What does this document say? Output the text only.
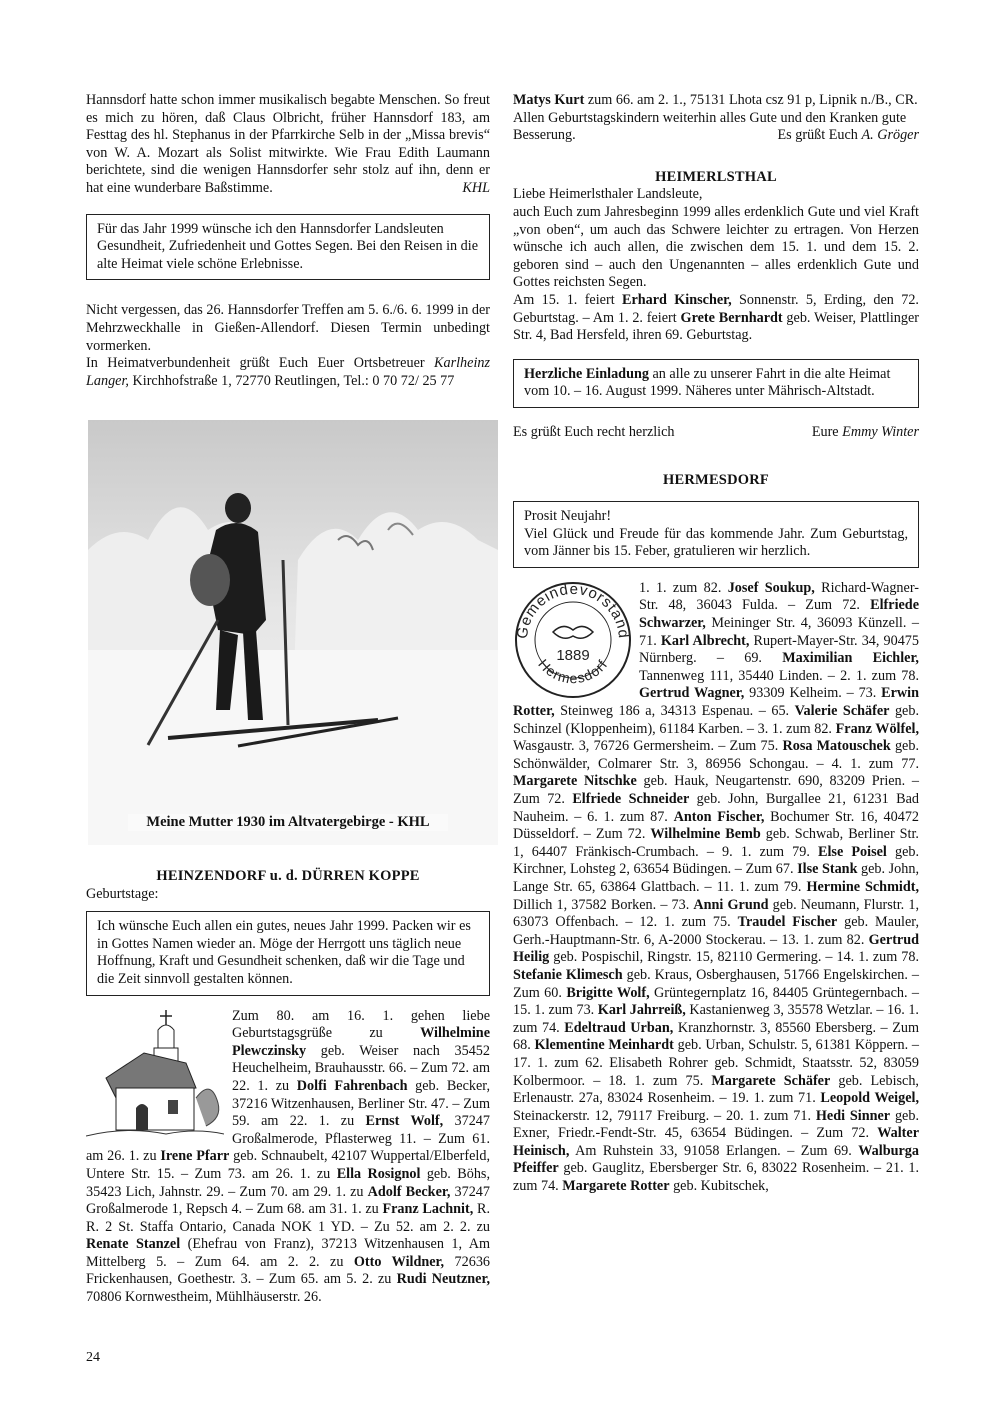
Hannsdorf hatte schon immer musikalisch begabte Menschen. So freut es mich zu hören, daß Claus Olbricht, früher Hannsdorf 183, am Festtag des hl. Stephanus in der Pfarrkirche Selb in der „Missa brevis“ von W. A. Mozart als Solist mitwirkte. Wie Frau Edith Laumann berichtete, sind die wenigen Hannsdorfer sehr stolz auf ihn, denn er hat eine wunderbare Baßstimme.	KHL

Für das Jahr 1999 wünsche ich den Hannsdorfer Landsleuten Gesundheit, Zufriedenheit und Gottes Segen. Bei den Reisen in die alte Heimat viele schöne Erlebnisse.

Nicht vergessen, das 26. Hannsdorfer Treffen am 5. 6./6. 6. 1999 in der Mehrzweckhalle in Gießen-Allendorf. Diesen Termin unbedingt vormerken.

In Heimatverbundenheit grüßt Euch Euer Ortsbetreuer Karlheinz Langer, Kirchhofstraße 1, 72770 Reutlingen, Tel.: 0 70 72/ 25 77

Meine Mutter 1930 im Altvatergebirge - KHL
HEINZENDORF u. d. DÜRREN KOPPE

Geburtstage:

Ich wünsche Euch allen ein gutes, neues Jahr 1999. Packen wir es in Gottes Namen wieder an. Möge der Herrgott uns täglich neue Hoffnung, Kraft und Gesundheit schenken, daß wir die Tage und die Zeit sinnvoll gestalten können.

Zum 80. am 16. 1. gehen liebe Geburtstagsgrüße zu Wilhelmine Plewczinsky geb. Weiser nach 35452 Heuchelheim, Brauhausstr. 66. – Zum 72. am 22. 1. zu Dolfi Fahrenbach geb. Becker, 37216 Witzenhausen, Berliner Str. 47. – Zum 59. am 22. 1. zu Ernst Wolf, 37247 Großalmerode, Pflasterweg 11. – Zum 61. am 26. 1. zu Irene Pfarr geb. Schnaubelt, 42107 Wuppertal/Elberfeld, Untere Str. 15. – Zum 73. am 26. 1. zu Ella Rosignol geb. Böhs, 35423 Lich, Jahnstr. 29. – Zum 70. am 29. 1. zu Adolf Becker, 37247 Großalmerode 1, Repsch 4. – Zum 68. am 31. 1. zu Franz Lachnit, R. R. 2 St. Staffa Ontario, Canada NOK 1 YD. – Zu 52. am 2. 2. zu Renate Stanzel (Ehefrau von Franz), 37213 Witzenhausen 1, Am Mittelberg 5. – Zum 64. am 2. 2. zu Otto Wildner, 72636 Frickenhausen, Goethestr. 3. – Zum 65. am 5. 2. zu Rudi Neutzner, 70806 Kornwestheim, Mühlhäuserstr. 26.

Matys Kurt zum 66. am 2. 1., 75131 Lhota csz 91 p, Lipnik n./B., CR.

Allen Geburtstagskindern weiterhin alles Gute und den Kranken gute Besserung.	Es grüßt Euch A. Gröger
HEIMERLSTHAL

Liebe Heimerlsthaler Landsleute,

auch Euch zum Jahresbeginn 1999 alles erdenklich Gute und viel Kraft „von oben“, um auch das Schwere leichter zu ertragen. Von Herzen wünsche ich auch allen, die zwischen dem 15. 1. und dem 15. 2. geboren sind – auch den Ungenannten – alles erdenklich Gute und Gottes reichsten Segen.

Am 15. 1. feiert Erhard Kinscher, Sonnenstr. 5, Erding, den 72. Geburtstag. – Am 1. 2. feiert Grete Bernhardt geb. Weiser, Plattlinger Str. 4, Bad Hersfeld, ihren 69. Geburtstag.

Herzliche Einladung an alle zu unserer Fahrt in die alte Heimat vom 10. – 16. August 1999. Näheres unter Mährisch-Altstadt.

Es grüßt Euch recht herzlich	Eure Emmy Winter
HERMESDORF

Prosit Neujahr!

Viel Glück und Freude für das kommende Jahr. Zum Geburtstag, vom Jänner bis 15. Feber, gratulieren wir herzlich.

Gemeindevorstand
Hermesdorf
1889

1. 1. zum 82. Josef Soukup, Richard-Wagner-Str. 48, 36043 Fulda. – Zum 72. Elfriede Schwarzer, Meininger Str. 4, 36093 Künzell. – 71. Karl Albrecht, Rupert-Mayer-Str. 34, 90475 Nürnberg. – 69. Maximilian Eichler, Tannenweg 111, 35440 Linden. – 2. 1. zum 78. Gertrud Wagner, 93309 Kelheim. – 73. Erwin Rotter, Steinweg 186 a, 34313 Espenau. – 65. Valerie Schäfer geb. Schinzel (Kloppenheim), 61184 Karben. – 3. 1. zum 82. Franz Wölfel, Wasgaustr. 3, 76726 Germersheim. – Zum 75. Rosa Matouschek geb. Schönwälder, Colmarer Str. 3, 86956 Schongau. – 4. 1. zum 77. Margarete Nitschke geb. Hauk, Neugartenstr. 690, 83209 Prien. – Zum 72. Elfriede Schneider geb. John, Burgallee 21, 61231 Bad Nauheim. – 6. 1. zum 87. Anton Fischer, Bochumer Str. 16, 40472 Düsseldorf. – Zum 72. Wilhelmine Bemb geb. Schwab, Berliner Str. 1, 64407 Fränkisch-Crumbach. – 9. 1. zum 79. Else Poisel geb. Kirchner, Lohsteg 2, 63654 Büdingen. – Zum 67. Ilse Stank geb. John, Lange Str. 65, 63864 Glattbach. – 11. 1. zum 79. Hermine Schmidt, Dillich 1, 37582 Borken. – 73. Anni Grund geb. Neumann, Flurstr. 1, 63073 Offenbach. – 12. 1. zum 75. Traudel Fischer geb. Mauler, Gerh.-Hauptmann-Str. 6, A-2000 Stockerau. – 13. 1. zum 82. Gertrud Heilig geb. Pospischil, Ringstr. 15, 82110 Germering. – 14. 1. zum 78. Stefanie Klimesch geb. Kraus, Osberghausen, 51766 Engelskirchen. – Zum 60. Brigitte Wolf, Grüntegernplatz 16, 84405 Grüntegernbach. – 15. 1. zum 73. Karl Jahrreiß, Kastanienweg 3, 35578 Wetzlar. – 16. 1. zum 74. Edeltraud Urban, Kranzhornstr. 3, 85560 Ebersberg. – Zum 68. Klementine Meinhardt geb. Urban, Schulstr. 5, 61381 Köppern. – 17. 1. zum 62. Elisabeth Rohrer geb. Schmidt, Staatsstr. 52, 83059 Kolbermoor. – 18. 1. zum 75. Margarete Schäfer geb. Lebisch, Erlenaustr. 27a, 83024 Rosenheim. – 19. 1. zum 71. Leopold Weigel, Steinackerstr. 12, 79117 Freiburg. – 20. 1. zum 71. Hedi Sinner geb. Exner, Friedr.-Fendt-Str. 45, 63654 Büdingen. – Zum 72. Walter Heinisch, Am Ruhstein 33, 91058 Erlangen. – Zum 69. Walburga Pfeiffer geb. Gauglitz, Ebersberger Str. 6, 83022 Rosenheim. – 21. 1. zum 74. Margarete Rotter geb. Kubitschek,

24
